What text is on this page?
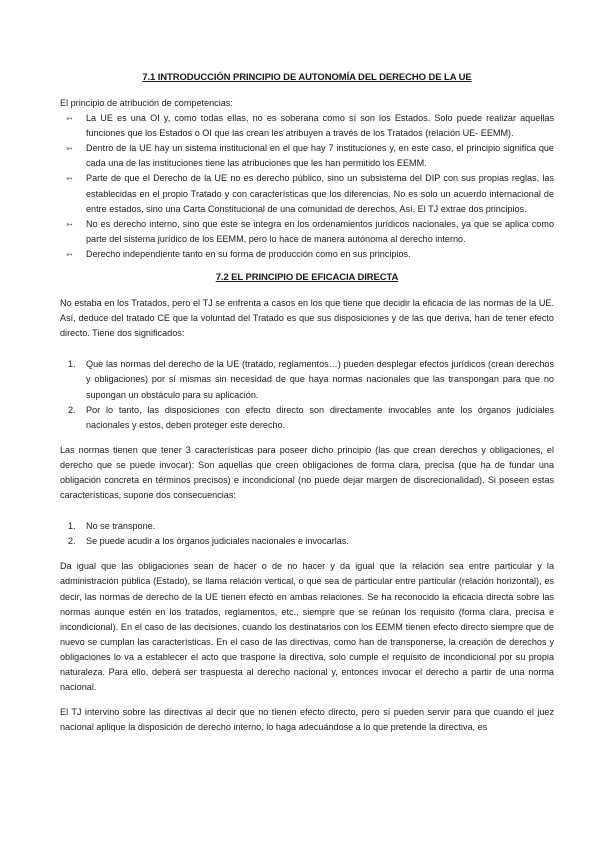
7.1 INTRODUCCIÓN PRINCIPIO DE AUTONOMÍA DEL DERECHO DE LA UE

El principio de atribución de competencias:

➳ La UE es una OI y, como todas ellas, no es soberana como sí son los Estados. Solo puede realizar aquellas funciones que los Estados o OI que las crean les atribuyen a través de los Tratados (relación UE- EEMM).
➳ Dentro de la UE hay un sistema institucional en el que hay 7 instituciones y, en este caso, el principio significa que cada una de las instituciones tiene las atribuciones que les han permitido los EEMM.
➳ Parte de que el Derecho de la UE no es derecho público, sino un subsistema del DIP con sus propias reglas, las establecidas en el propio Tratado y con características que los diferencias. No es solo un acuerdo internacional de entre estados, sino una Carta Constitucional de una comunidad de derechos. Así, El TJ extrae dos principios.
➳ No es derecho interno, sino que este se integra en los ordenamientos jurídicos nacionales, ya que se aplica como parte del sistema jurídico de los EEMM, pero lo hace de manera autónoma al derecho interno.
➳ Derecho independiente tanto en su forma de producción como en sus principios.
7.2 EL PRINCIPIO DE EFICACIA DIRECTA

No estaba en los Tratados, pero el TJ se enfrenta a casos en los que tiene que decidir la eficacia de las normas de la UE. Así, deduce del tratado CE que la voluntad del Tratado es que sus disposiciones y de las que deriva, han de tener efecto directo. Tiene dos significados:

1. Que las normas del derecho de la UE (tratado, reglamentos…) pueden desplegar efectos jurídicos (crean derechos y obligaciones) por sí mismas sin necesidad de que haya normas nacionales que las transpongan para que no supongan un obstáculo para su aplicación.
2. Por lo tanto, las disposiciones con efecto directo son directamente invocables ante los órganos judiciales nacionales y estos, deben proteger este derecho.

Las normas tienen que tener 3 características para poseer dicho principio (las que crean derechos y obligaciones, el derecho que se puede invocar): Son aquellas que creen obligaciones de forma clara, precisa (que ha de fundar una obligación concreta en términos precisos) e incondicional (no puede dejar margen de discrecionalidad). Si poseen estas características, supone dos consecuencias:

1. No se transpone.
2. Se puede acudir a los órganos judiciales nacionales e invocarlas.

Da igual que las obligaciones sean de hacer o de no hacer y da igual que la relación sea entre particular y la administración pública (Estado), se llama relación vertical, o que sea de particular entre particular (relación horizontal), es decir, las normas de derecho de la UE tienen efecto en ambas relaciones. Se ha reconocido la eficacia directa sobre las normas aunque estén en los tratados, reglamentos, etc., siempre que se reúnan los requisito (forma clara, precisa e incondicional). En el caso de las decisiones, cuando los destinatarios con los EEMM tienen efecto directo siempre que de nuevo se cumplan las características. En el caso de las directivas, como han de transponerse, la creación de derechos y obligaciones lo va a establecer el acto que traspone la directiva, solo cumple el requisito de incondicional por su propia naturaleza. Para ello, deberá ser traspuesta al derecho nacional y, entonces invocar el derecho a partir de una norma nacional.

El TJ intervino sobre las directivas al decir que no tienen efecto directo, pero sí pueden servir para que cuando el juez nacional aplique la disposición de derecho interno, lo haga adecuándose a lo que pretende la directiva, es
